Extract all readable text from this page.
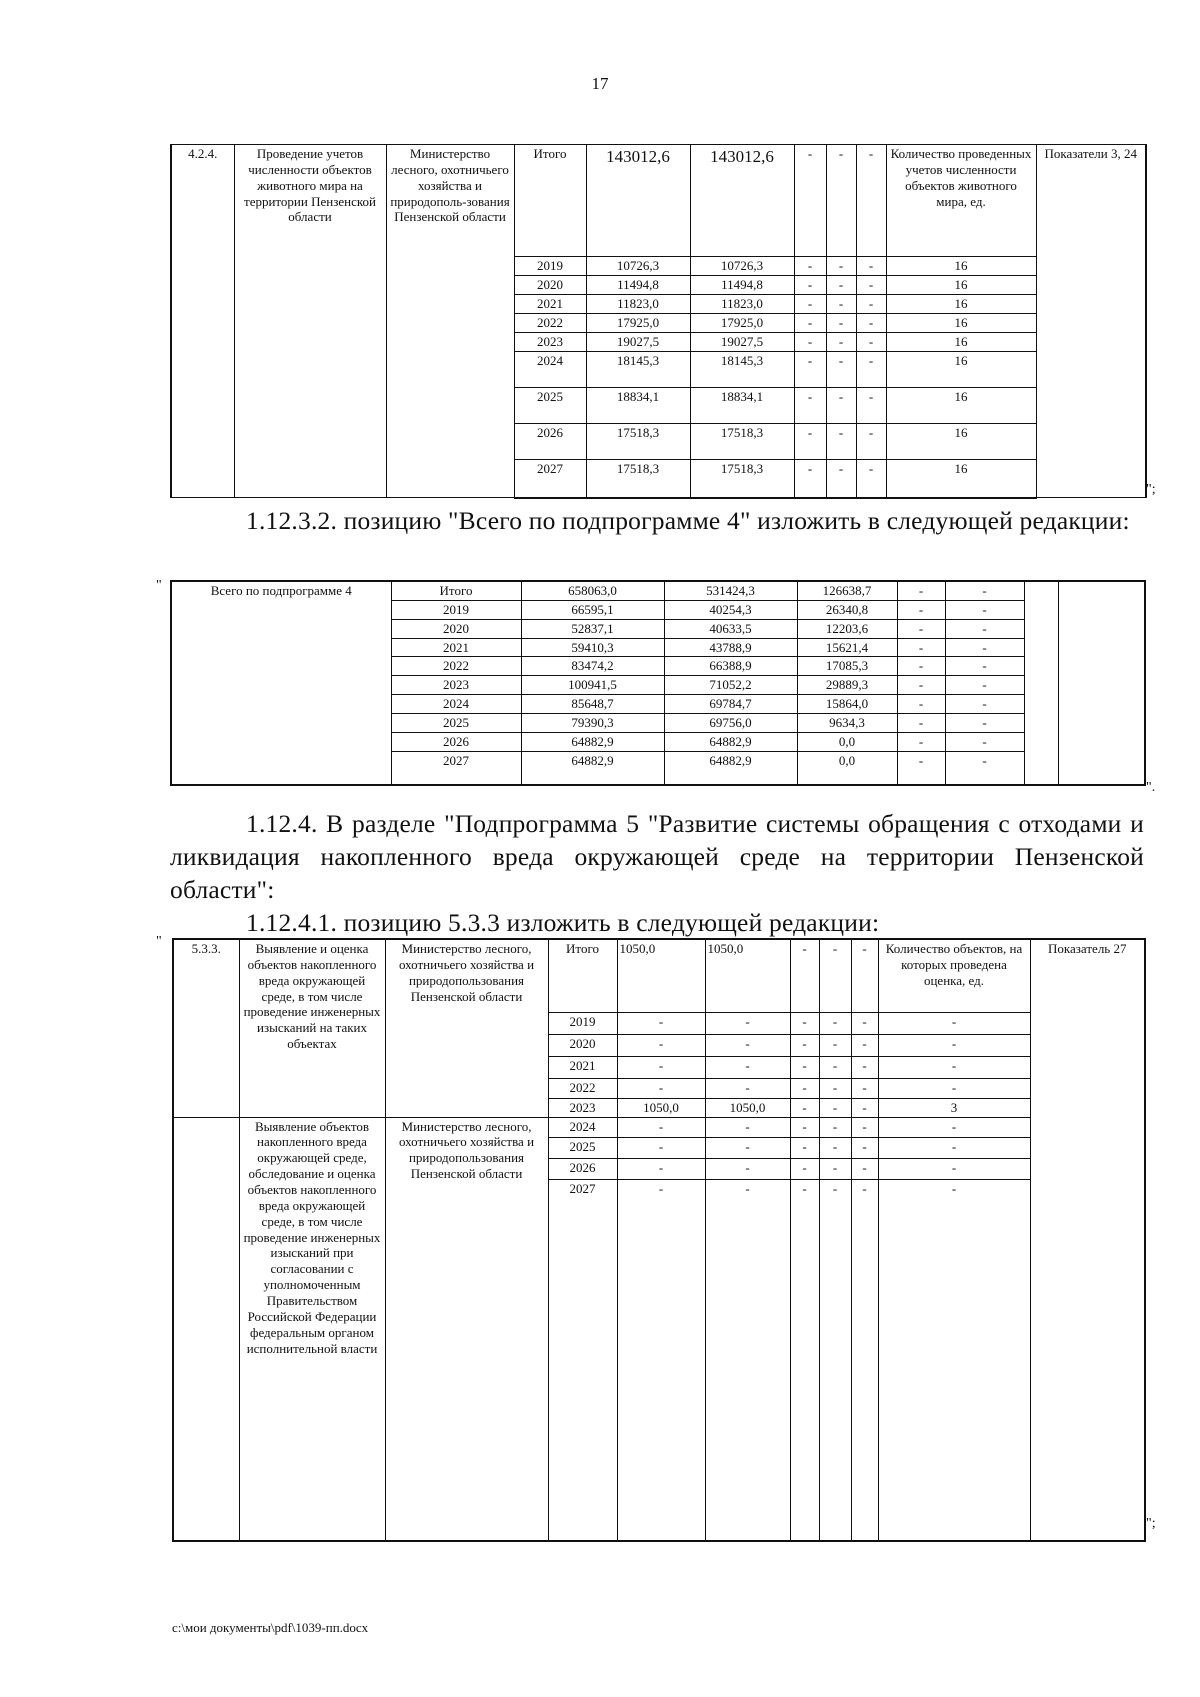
17
4.2.4.	Проведение учетов численности объектов животного мира на территории Пензенской области	Министерство лесного, охотничьего хозяйства и природополь-зования Пензенской области	Итого	143012,6	143012,6	-	-	-	Количество проведенных учетов численности объектов животного мира, ед.	Показатели 3, 24
			2019	10726,3	10726,3	-	-	-	16	
			2020	11494,8	11494,8	-	-	-	16	
			2021	11823,0	11823,0	-	-	-	16	
			2022	17925,0	17925,0	-	-	-	16	
			2023	19027,5	19027,5	-	-	-	16	
			2024	18145,3	18145,3	-	-	-	16	
			2025	18834,1	18834,1	-	-	-	16	
			2026	17518,3	17518,3	-	-	-	16	
			2027	17518,3	17518,3	-	-	-	16	
";
1.12.3.2. позицию "Всего по подпрограмме 4" изложить в следующей редакции:
"	Всего по подпрограмме 4	Итого	658063,0	531424,3	126638,7	-	-		
	2019	66595,1	40254,3	26340,8	-	-		
	2020	52837,1	40633,5	12203,6	-	-		
	2021	59410,3	43788,9	15621,4	-	-		
	2022	83474,2	66388,9	17085,3	-	-		
	2023	100941,5	71052,2	29889,3	-	-		
	2024	85648,7	69784,7	15864,0	-	-		
	2025	79390,3	69756,0	9634,3	-	-		
	2026	64882,9	64882,9	0,0	-	-		
	2027	64882,9	64882,9	0,0	-	-		
".
1.12.4. В разделе "Подпрограмма 5 "Развитие системы обращения с отходами и ликвидация накопленного вреда окружающей среде на территории Пензенской области":
1.12.4.1. позицию 5.3.3 изложить в следующей редакции:
" 5.3.3.	Выявление и оценка объектов накопленного вреда окружающей среде, в том числе проведение инженерных изысканий на таких объектах	Министерство лесного, охотничьего хозяйства и природопользования Пензенской области	Итого	1050,0	1050,0	-	-	-	Количество объектов, на которых проведена оценка, ед.	Показатель 27
			2019	-	-	-	-	-	-	
			2020	-	-	-	-	-	-	
			2021	-	-	-	-	-	-	
			2022	-	-	-	-	-	-	
			2023	1050,0	1050,0	-	-	-	3	
	Выявление объектов накопленного вреда окружающей среде, обследование и оценка объектов накопленного вреда окружающей среде, в том числе проведение инженерных изысканий при согласовании с уполномоченным Правительством Российской Федерации федеральным органом исполнительной власти	Министерство лесного, охотничьего хозяйства и природопользования Пензенской области	2024	-	-	-	-	-	-	
			2025	-	-	-	-	-	-	
			2026	-	-	-	-	-	-	
			2027	-	-	-	-	-	-	
";
c:\мои документы\pdf\1039-пп.docx
